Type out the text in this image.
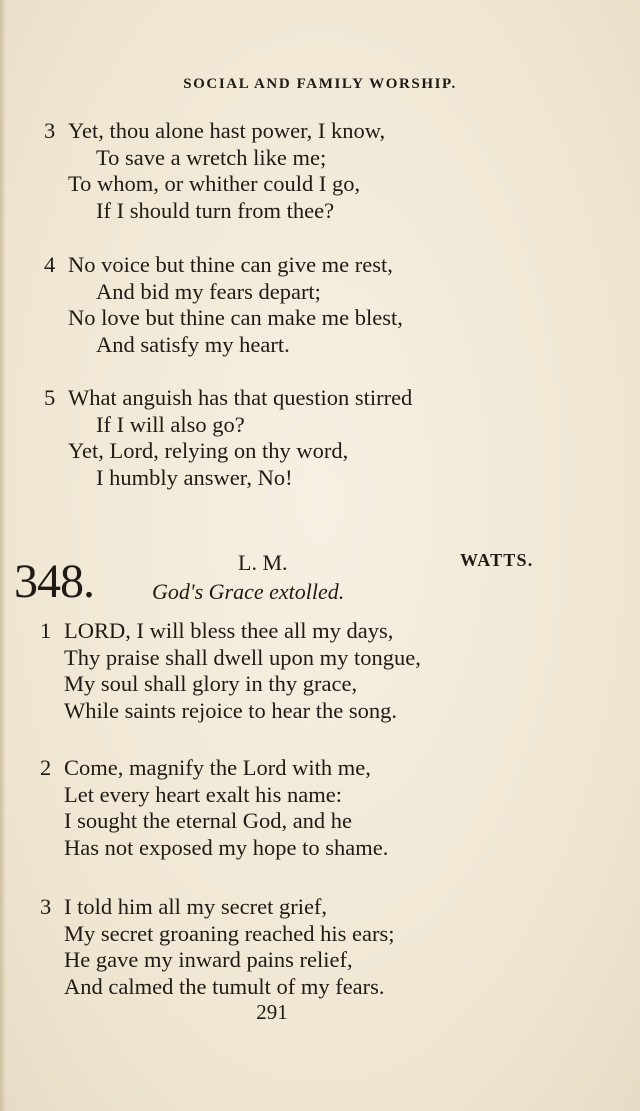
SOCIAL AND FAMILY WORSHIP.
3 Yet, thou alone hast power, I know,
To save a wretch like me;
To whom, or whither could I go,
If I should turn from thee?
4 No voice but thine can give me rest,
And bid my fears depart;
No love but thine can make me blest,
And satisfy my heart.
5 What anguish has that question stirred
If I will also go?
Yet, Lord, relying on thy word,
I humbly answer, No!
348.	L. M.	WATTS.
God's Grace extolled.
1 LORD, I will bless thee all my days,
Thy praise shall dwell upon my tongue,
My soul shall glory in thy grace,
While saints rejoice to hear the song.
2 Come, magnify the Lord with me,
Let every heart exalt his name:
I sought the eternal God, and he
Has not exposed my hope to shame.
3 I told him all my secret grief,
My secret groaning reached his ears;
He gave my inward pains relief,
And calmed the tumult of my fears.
291
